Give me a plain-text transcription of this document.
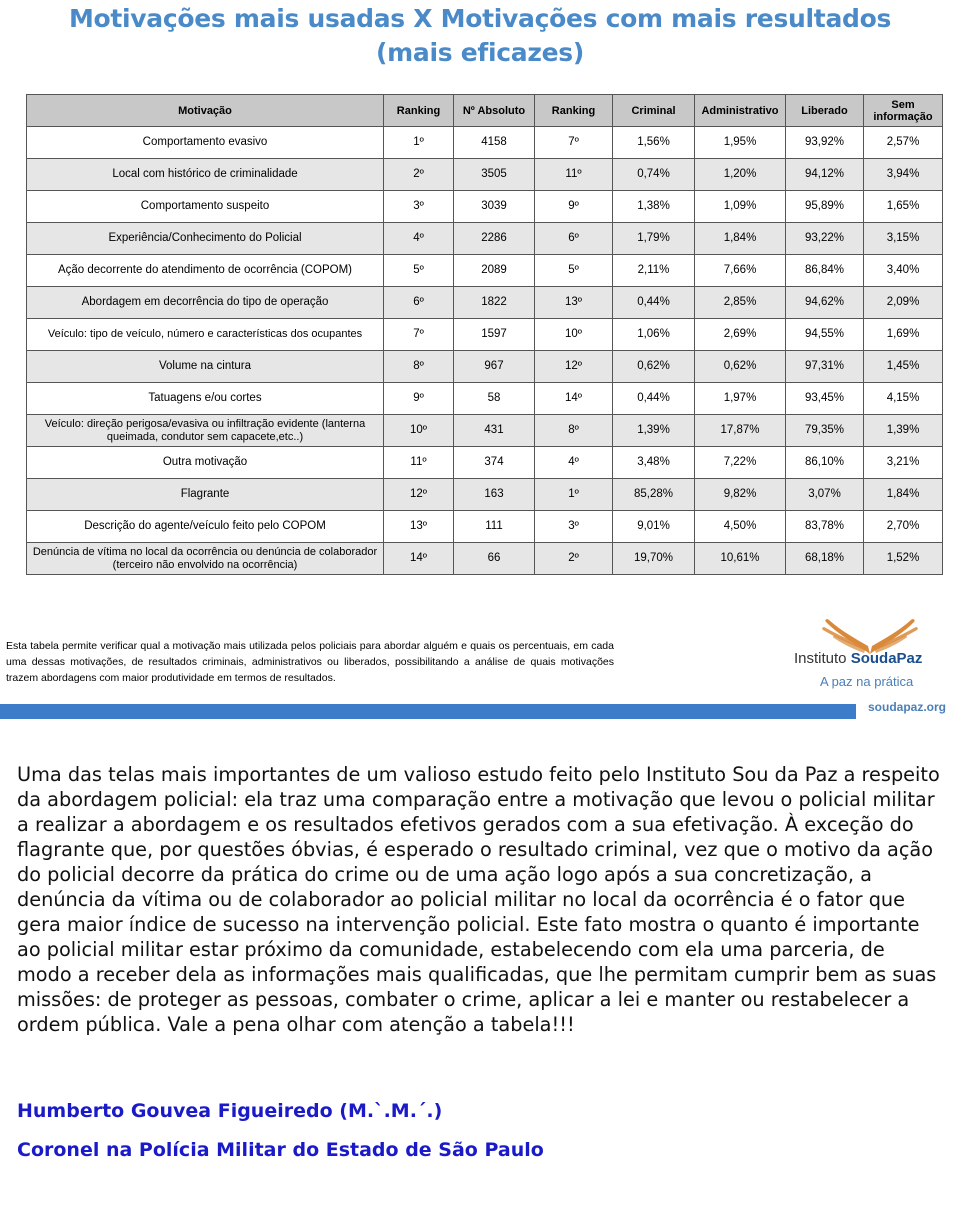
Motivações mais usadas X Motivações com mais resultados
(mais eficazes)
Motivação	Ranking	Nº Absoluto	Ranking	Criminal	Administrativo	Liberado	Sem informação
Comportamento evasivo	1º	4158	7º	1,56%	1,95%	93,92%	2,57%
Local com histórico de criminalidade	2º	3505	11º	0,74%	1,20%	94,12%	3,94%
Comportamento suspeito	3º	3039	9º	1,38%	1,09%	95,89%	1,65%
Experiência/Conhecimento do Policial	4º	2286	6º	1,79%	1,84%	93,22%	3,15%
Ação decorrente do atendimento de ocorrência (COPOM)	5º	2089	5º	2,11%	7,66%	86,84%	3,40%
Abordagem em decorrência do tipo de operação	6º	1822	13º	0,44%	2,85%	94,62%	2,09%
Veículo: tipo de veículo, número e características dos ocupantes	7º	1597	10º	1,06%	2,69%	94,55%	1,69%
Volume na cintura	8º	967	12º	0,62%	0,62%	97,31%	1,45%
Tatuagens e/ou cortes	9º	58	14º	0,44%	1,97%	93,45%	4,15%
Veículo: direção perigosa/evasiva ou infiltração evidente (lanterna queimada, condutor sem capacete,etc..)	10º	431	8º	1,39%	17,87%	79,35%	1,39%
Outra motivação	11º	374	4º	3,48%	7,22%	86,10%	3,21%
Flagrante	12º	163	1º	85,28%	9,82%	3,07%	1,84%
Descrição do agente/veículo feito pelo COPOM	13º	111	3º	9,01%	4,50%	83,78%	2,70%
Denúncia de vítima no local da ocorrência ou denúncia de colaborador (terceiro não envolvido na ocorrência)	14º	66	2º	19,70%	10,61%	68,18%	1,52%
Esta tabela permite verificar qual a motivação mais utilizada pelos policiais para abordar alguém e quais os percentuais, em cada uma dessas motivações, de resultados criminais, administrativos ou liberados, possibilitando a análise de quais motivações trazem abordagens com maior produtividade em termos de resultados.
Instituto SoudaPaz
A paz na prática
soudapaz.org
Uma das telas mais importantes de um valioso estudo feito pelo Instituto Sou da Paz a respeito da abordagem policial: ela traz uma comparação entre a motivação que levou o policial militar a realizar a abordagem e os resultados efetivos gerados com a sua efetivação. À exceção do flagrante que, por questões óbvias, é esperado o resultado criminal, vez que o motivo da ação do policial decorre da prática do crime ou de uma ação logo após a sua concretização, a denúncia da vítima ou de colaborador ao policial militar no local da ocorrência é o fator que gera maior índice de sucesso na intervenção policial. Este fato mostra o quanto é importante ao policial militar estar próximo da comunidade, estabelecendo com ela uma parceria, de modo a receber dela as informações mais qualificadas, que lhe permitam cumprir bem as suas missões: de proteger as pessoas, combater o crime, aplicar a lei e manter ou restabelecer a ordem pública. Vale a pena olhar com atenção a tabela!!!
Humberto Gouvea Figueiredo (M.`.M.´.)
Coronel na Polícia Militar do Estado de São Paulo
